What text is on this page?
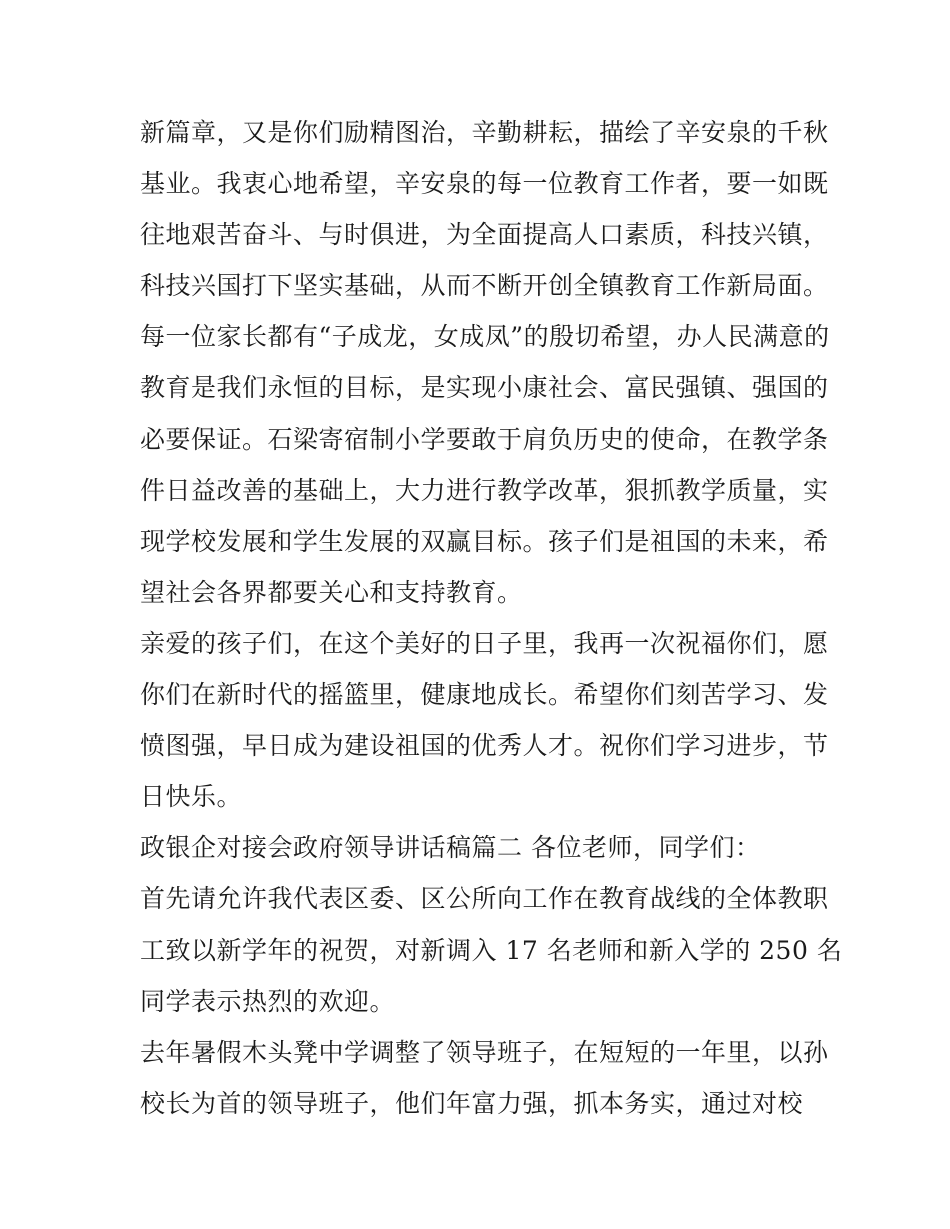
新篇章，又是你们励精图治，辛勤耕耘，描绘了辛安泉的千秋
基业。我衷心地希望，辛安泉的每一位教育工作者，要一如既
往地艰苦奋斗、与时俱进，为全面提高人口素质，科技兴镇，
科技兴国打下坚实基础，从而不断开创全镇教育工作新局面。
每一位家长都有“子成龙，女成凤”的殷切希望，办人民满意的
教育是我们永恒的目标，是实现小康社会、富民强镇、强国的
必要保证。石梁寄宿制小学要敢于肩负历史的使命，在教学条
件日益改善的基础上，大力进行教学改革，狠抓教学质量，实
现学校发展和学生发展的双赢目标。孩子们是祖国的未来，希
望社会各界都要关心和支持教育。
亲爱的孩子们，在这个美好的日子里，我再一次祝福你们，愿
你们在新时代的摇篮里，健康地成长。希望你们刻苦学习、发
愤图强，早日成为建设祖国的优秀人才。祝你们学习进步，节
日快乐。
政银企对接会政府领导讲话稿篇二 各位老师，同学们：
首先请允许我代表区委、区公所向工作在教育战线的全体教职
工致以新学年的祝贺，对新调入 17 名老师和新入学的 250 名
同学表示热烈的欢迎。
去年暑假木头凳中学调整了领导班子，在短短的一年里，以孙
校长为首的领导班子，他们年富力强，抓本务实，通过对校
